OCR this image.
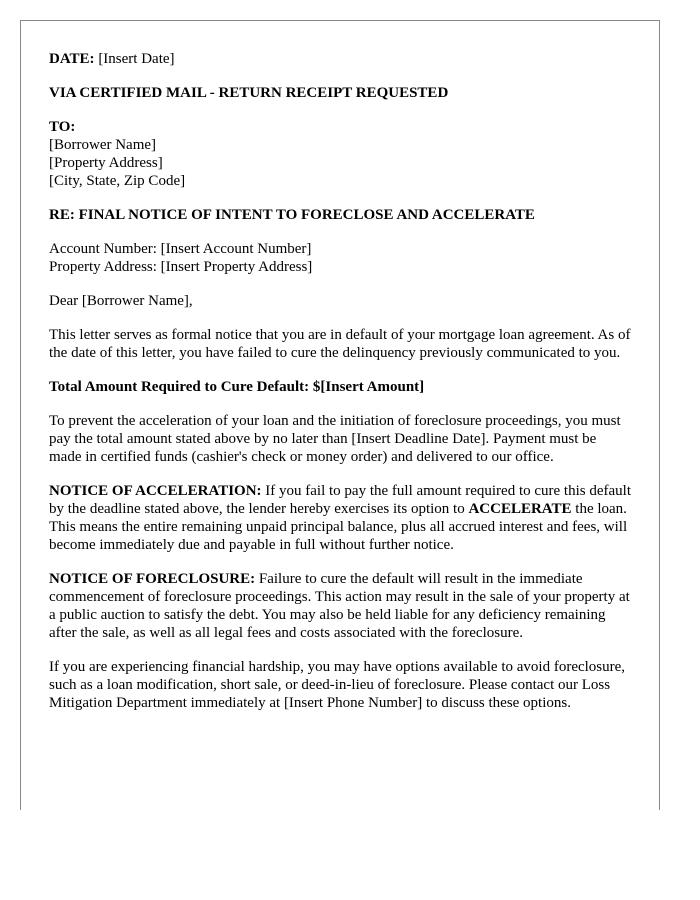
DATE: [Insert Date]

VIA CERTIFIED MAIL - RETURN RECEIPT REQUESTED

TO:
[Borrower Name]
[Property Address]
[City, State, Zip Code]

RE: FINAL NOTICE OF INTENT TO FORECLOSE AND ACCELERATE

Account Number: [Insert Account Number]
Property Address: [Insert Property Address]

Dear [Borrower Name],

This letter serves as formal notice that you are in default of your mortgage loan agreement. As of the date of this letter, you have failed to cure the delinquency previously communicated to you.

Total Amount Required to Cure Default: $[Insert Amount]

To prevent the acceleration of your loan and the initiation of foreclosure proceedings, you must pay the total amount stated above by no later than [Insert Deadline Date]. Payment must be made in certified funds (cashier's check or money order) and delivered to our office.

NOTICE OF ACCELERATION: If you fail to pay the full amount required to cure this default by the deadline stated above, the lender hereby exercises its option to ACCELERATE the loan. This means the entire remaining unpaid principal balance, plus all accrued interest and fees, will become immediately due and payable in full without further notice.

NOTICE OF FORECLOSURE: Failure to cure the default will result in the immediate commencement of foreclosure proceedings. This action may result in the sale of your property at a public auction to satisfy the debt. You may also be held liable for any deficiency remaining after the sale, as well as all legal fees and costs associated with the foreclosure.

If you are experiencing financial hardship, you may have options available to avoid foreclosure, such as a loan modification, short sale, or deed-in-lieu of foreclosure. Please contact our Loss Mitigation Department immediately at [Insert Phone Number] to discuss these options.
